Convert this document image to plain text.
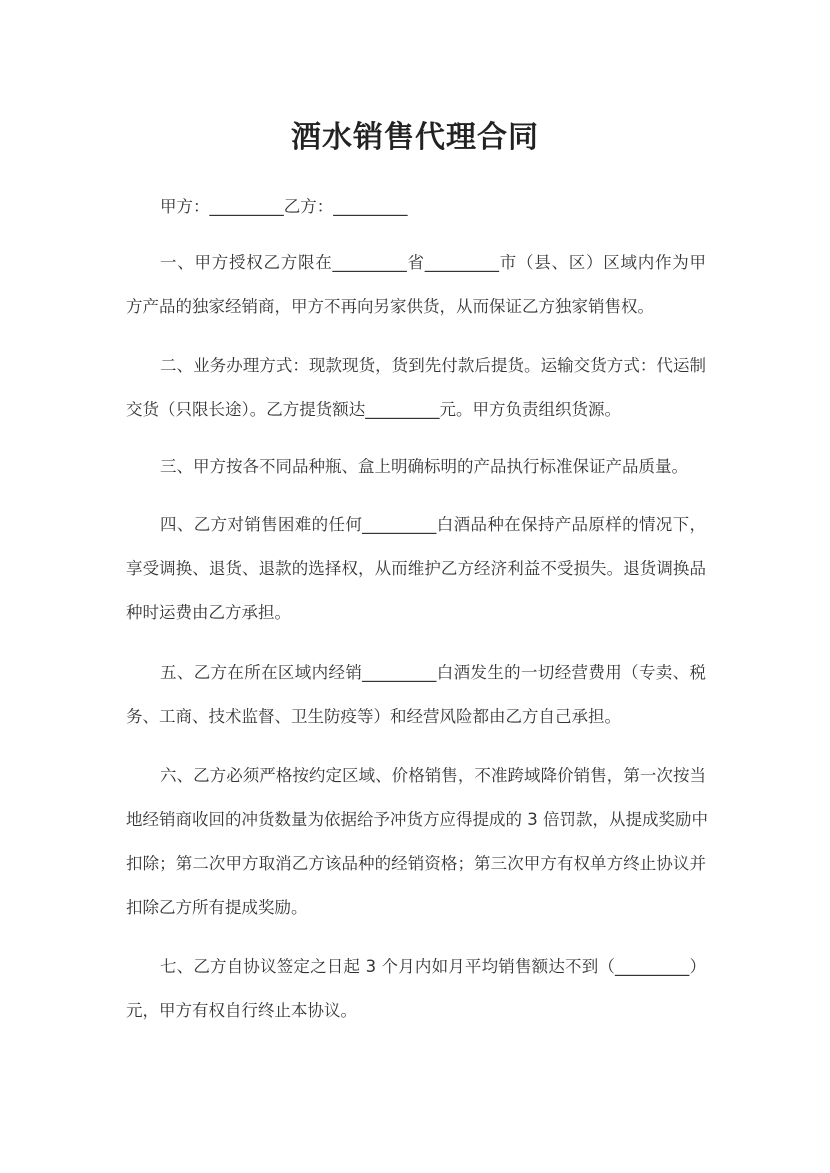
酒水销售代理合同
甲方：_________乙方：_________
一、甲方授权乙方限在_________省_________市（县、区）区域内作为甲
方产品的独家经销商，甲方不再向另家供货，从而保证乙方独家销售权。
二、业务办理方式：现款现货，货到先付款后提货。运输交货方式：代运制
交货（只限长途）。乙方提货额达_________元。甲方负责组织货源。
三、甲方按各不同品种瓶、盒上明确标明的产品执行标准保证产品质量。
四、乙方对销售困难的任何_________白酒品种在保持产品原样的情况下，
享受调换、退货、退款的选择权，从而维护乙方经济利益不受损失。退货调换品
种时运费由乙方承担。
五、乙方在所在区域内经销_________白酒发生的一切经营费用（专卖、税
务、工商、技术监督、卫生防疫等）和经营风险都由乙方自己承担。
六、乙方必须严格按约定区域、价格销售，不准跨域降价销售，第一次按当
地经销商收回的冲货数量为依据给予冲货方应得提成的 3 倍罚款，从提成奖励中
扣除；第二次甲方取消乙方该品种的经销资格；第三次甲方有权单方终止协议并
扣除乙方所有提成奖励。
七、乙方自协议签定之日起 3 个月内如月平均销售额达不到（_________）
元，甲方有权自行终止本协议。
